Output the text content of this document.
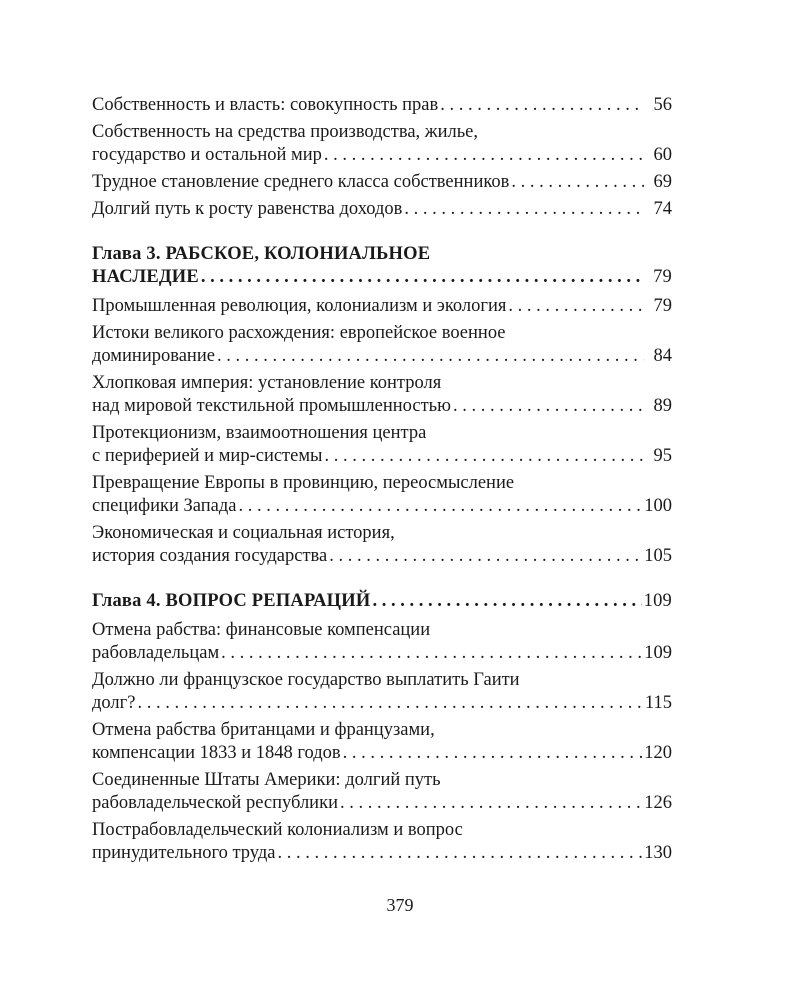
Собственность и власть: совокупность прав . . .	56
Собственность на средства производства, жилье,
государство и остальной мир . . .	60
Трудное становление среднего класса собственников . . .	69
Долгий путь к росту равенства доходов . . .	74
Глава 3. РАБСКОЕ, КОЛОНИАЛЬНОЕ
НАСЛЕДИЕ . . .	79
Промышленная революция, колониализм и экология . . .	79
Истоки великого расхождения: европейское военное
доминирование . . .	84
Хлопковая империя: установление контроля
над мировой текстильной промышленностью . . .	89
Протекционизм, взаимоотношения центра
с периферией и мир-системы . . .	95
Превращение Европы в провинцию, переосмысление
специфики Запада . . .	100
Экономическая и социальная история,
история создания государства . . .	105
Глава 4. ВОПРОС РЕПАРАЦИЙ . . .	109
Отмена рабства: финансовые компенсации
рабовладельцам . . .	109
Должно ли французское государство выплатить Гаити
долг? . . .	115
Отмена рабства британцами и французами,
компенсации 1833 и 1848 годов . . .	120
Соединенные Штаты Америки: долгий путь
рабовладельческой республики . . .	126
Пострабовладельческий колониализм и вопрос
принудительного труда . . .	130
379
